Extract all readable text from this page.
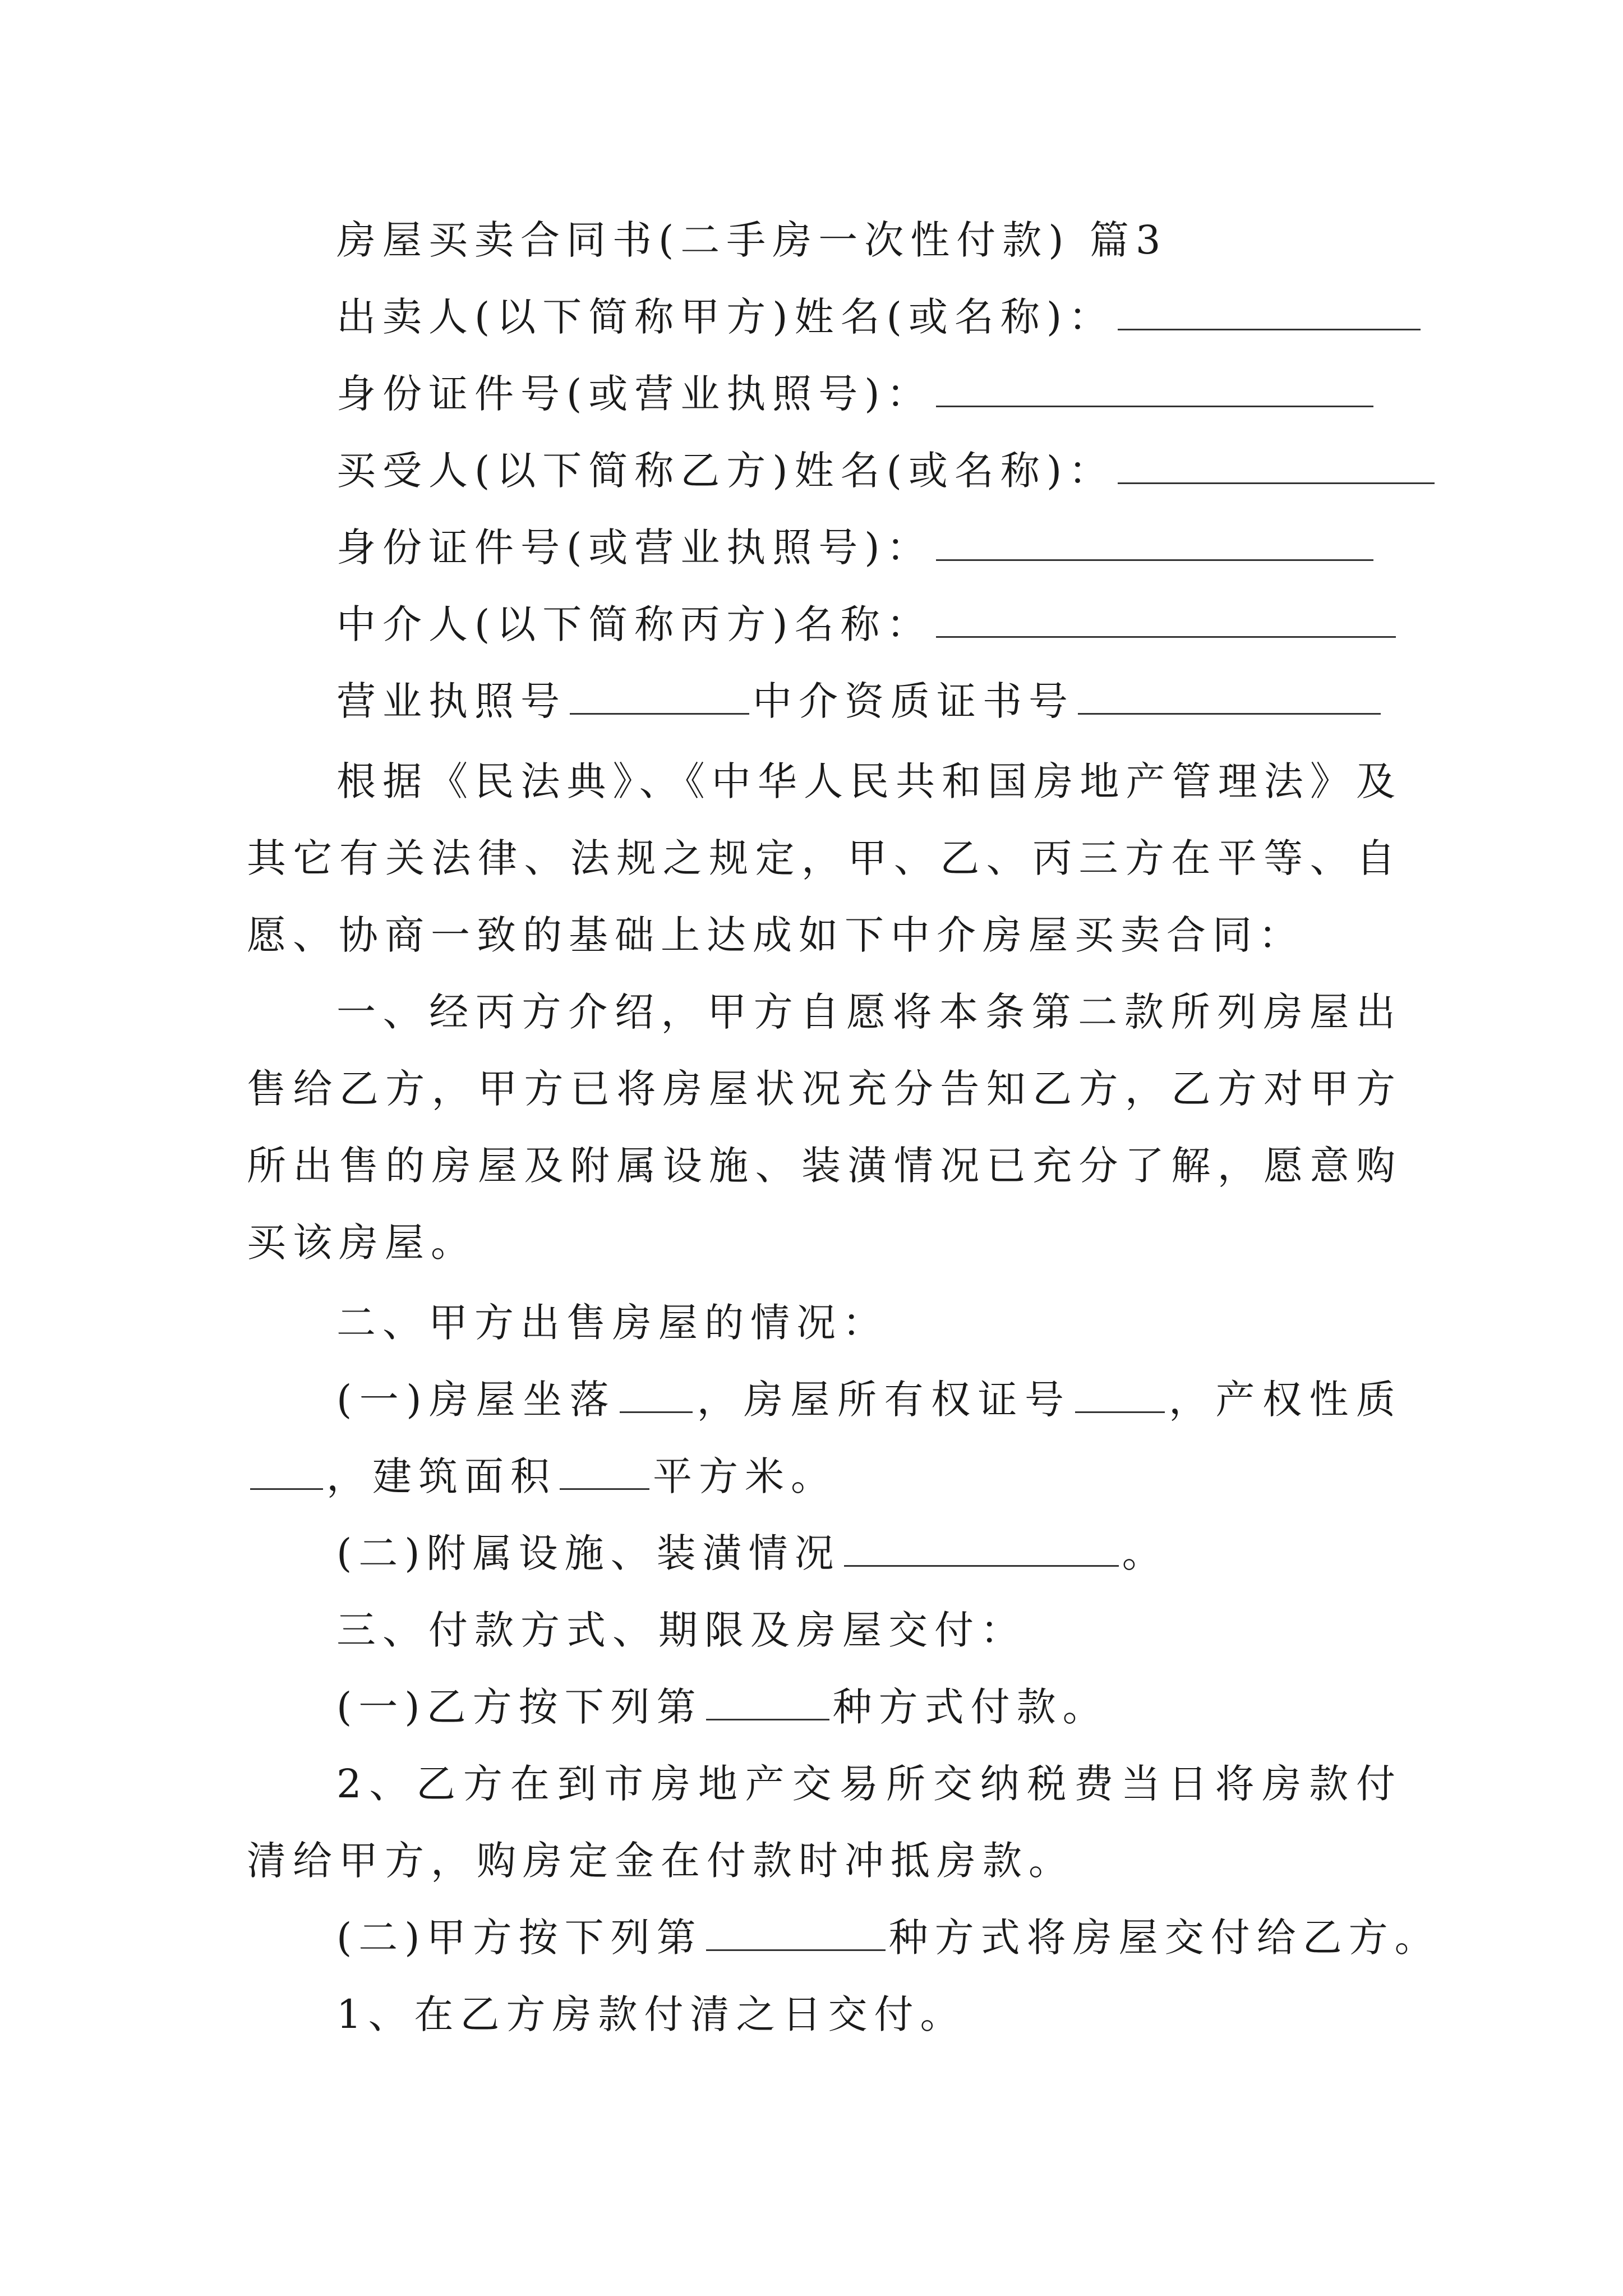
房屋买卖合同书(二手房一次性付款) 篇3
出卖人(以下简称甲方)姓名(或名称)：
身份证件号(或营业执照号)：
买受人(以下简称乙方)姓名(或名称)：
身份证件号(或营业执照号)：
中介人(以下简称丙方)名称：
营业执照号	中介资质证书号

根据《民法典》、《中华人民共和国房地产管理法》及其它有关法律、法规之规定，甲、乙、丙三方在平等、自愿、协商一致的基础上达成如下中介房屋买卖合同：

一、经丙方介绍，甲方自愿将本条第二款所列房屋出售给乙方，甲方已将房屋状况充分告知乙方，乙方对甲方所出售的房屋及附属设施、装潢情况已充分了解，愿意购买该房屋。

二、甲方出售房屋的情况：

(一)房屋坐落 ，房屋所有权证号 ，产权性质，建筑面积 平方米。

(二)附属设施、装潢情况	。
三、付款方式、期限及房屋交付：
(一)乙方按下列第	种方式付款。

2、乙方在到市房地产交易所交纳税费当日将房款付清给甲方，购房定金在付款时冲抵房款。

(二)甲方按下列第	种方式将房屋交付给乙方。
1、在乙方房款付清之日交付。
